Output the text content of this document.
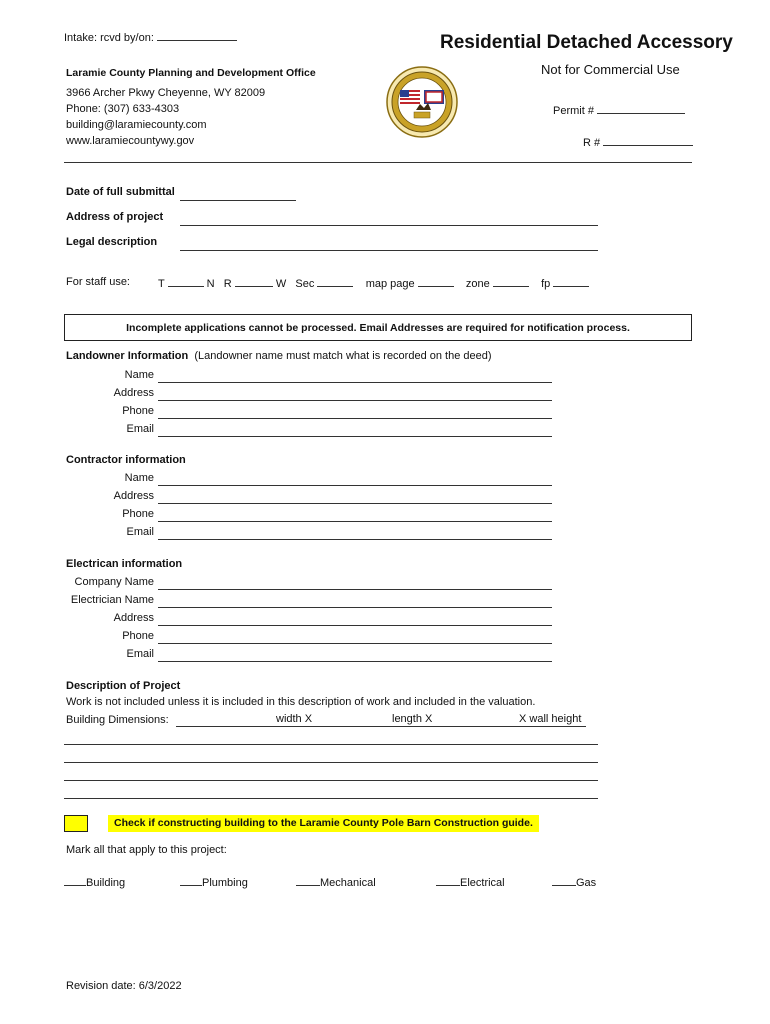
Intake: rcvd by/on:	Residential Detached Accessory
Not for Commercial Use
Laramie County Planning and Development Office
3966 Archer Pkwy Cheyenne, WY 82009
Phone: (307) 633-4303
building@laramiecounty.com
www.laramiecountywy.gov
Permit #
R #
Date of full submittal
Address of project
Legal description
For staff use:	T	N R	W Sec	map page	zone	fp
Incomplete applications cannot be processed. Email Addresses are required for notification process.
Landowner Information (Landowner name must match what is recorded on the deed)
Name
Address
Phone
Email
Contractor information
Name
Address
Phone
Email
Electrican information
Company Name
Electrician Name
Address
Phone
Email
Description of Project
Work is not included unless it is included in this description of work and included in the valuation.
Building Dimensions:	width X	length X	X wall height
Check if constructing building to the Laramie County Pole Barn Construction guide.
Mark all that apply to this project:
Building	Plumbing	Mechanical	Electrical	Gas
Revision date: 6/3/2022
